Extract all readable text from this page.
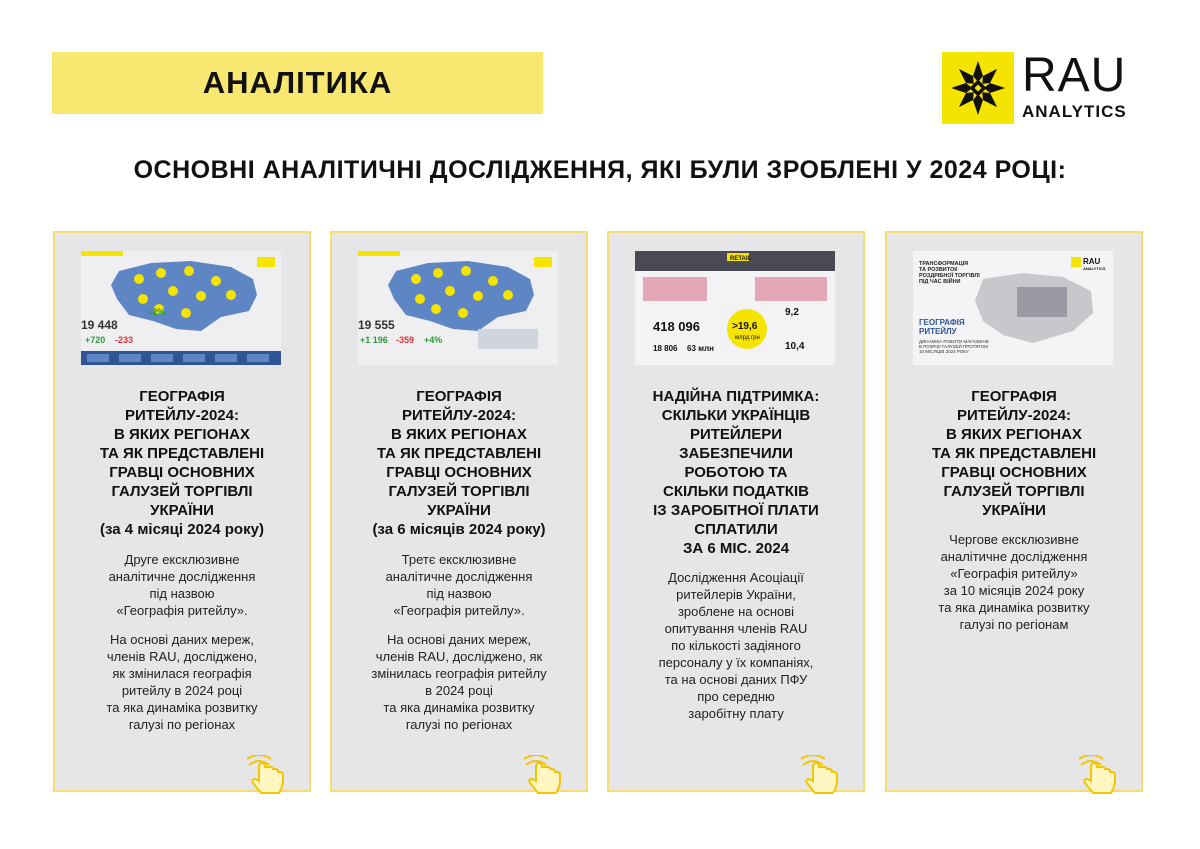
АНАЛІТИКА	RAU
ANALYTICS
ОСНОВНІ АНАЛІТИЧНІ ДОСЛІДЖЕННЯ, ЯКІ БУЛИ ЗРОБЛЕНІ У 2024 РОЦІ:
19 448
+720 -233
+2%
ГЕОГРАФІЯ
РИТЕЙЛУ-2024:
В ЯКИХ РЕГІОНАХ
ТА ЯК ПРЕДСТАВЛЕНІ
ГРАВЦІ ОСНОВНИХ
ГАЛУЗЕЙ ТОРГІВЛІ
УКРАЇНИ
(за 4 місяці 2024 року)

Друге ексклюзивне
аналітичне дослідження
під назвою
«Географія ритейлу».

На основі даних мереж,
членів RAU, досліджено,
як змінилася географія
ритейлу в 2024 році
та яка динаміка розвитку
галузі по регіонах

19 555
+1 196 -359 +4%
ГЕОГРАФІЯ
РИТЕЙЛУ-2024:
В ЯКИХ РЕГІОНАХ
ТА ЯК ПРЕДСТАВЛЕНІ
ГРАВЦІ ОСНОВНИХ
ГАЛУЗЕЙ ТОРГІВЛІ
УКРАЇНИ
(за 6 місяців 2024 року)

Третє ексклюзивне
аналітичне дослідження
під назвою
«Географія ритейлу».

На основі даних мереж,
членів RAU, досліджено, як
змінилась географія ритейлу
в 2024 році
та яка динаміка розвитку
галузі по регіонах

RETAIL
418 096	>19,6
млрд грн
9,2
10,4
18 806 63 млн
НАДІЙНА ПІДТРИМКА:
СКІЛЬКИ УКРАЇНЦІВ
РИТЕЙЛЕРИ
ЗАБЕЗПЕЧИЛИ
РОБОТОЮ ТА
СКІЛЬКИ ПОДАТКІВ
ІЗ ЗАРОБІТНОЇ ПЛАТИ
СПЛАТИЛИ
ЗА 6 МІС. 2024

Дослідження Асоціації
ритейлерів України,
зроблене на основі
опитування членів RAU
по кількості задіяного
персоналу у їх компаніях,
та на основі даних ПФУ
про середню
заробітну плату

ТРАНСФОРМАЦІЯ
ТА РОЗВИТОК
РОЗДРІБНОЇ ТОРГІВЛІ
ПІД ЧАС ВІЙНИ
ГЕОГРАФІЯ
РИТЕЙЛУ
ДИНАМІКА РОБОТИ МАГАЗИНІВ
В РОЗРІЗІ ГАЛУЗЕЙ ПРОТЯГОМ
10 МІСЯЦІВ 2024 РОКУ
RAU
ANALYTICS
ГЕОГРАФІЯ
РИТЕЙЛУ-2024:
В ЯКИХ РЕГІОНАХ
ТА ЯК ПРЕДСТАВЛЕНІ
ГРАВЦІ ОСНОВНИХ
ГАЛУЗЕЙ ТОРГІВЛІ
УКРАЇНИ

Чергове ексклюзивне
аналітичне дослідження
«Географія ритейлу»
за 10 місяців 2024 року
та яка динаміка розвитку
галузі по регіонам
